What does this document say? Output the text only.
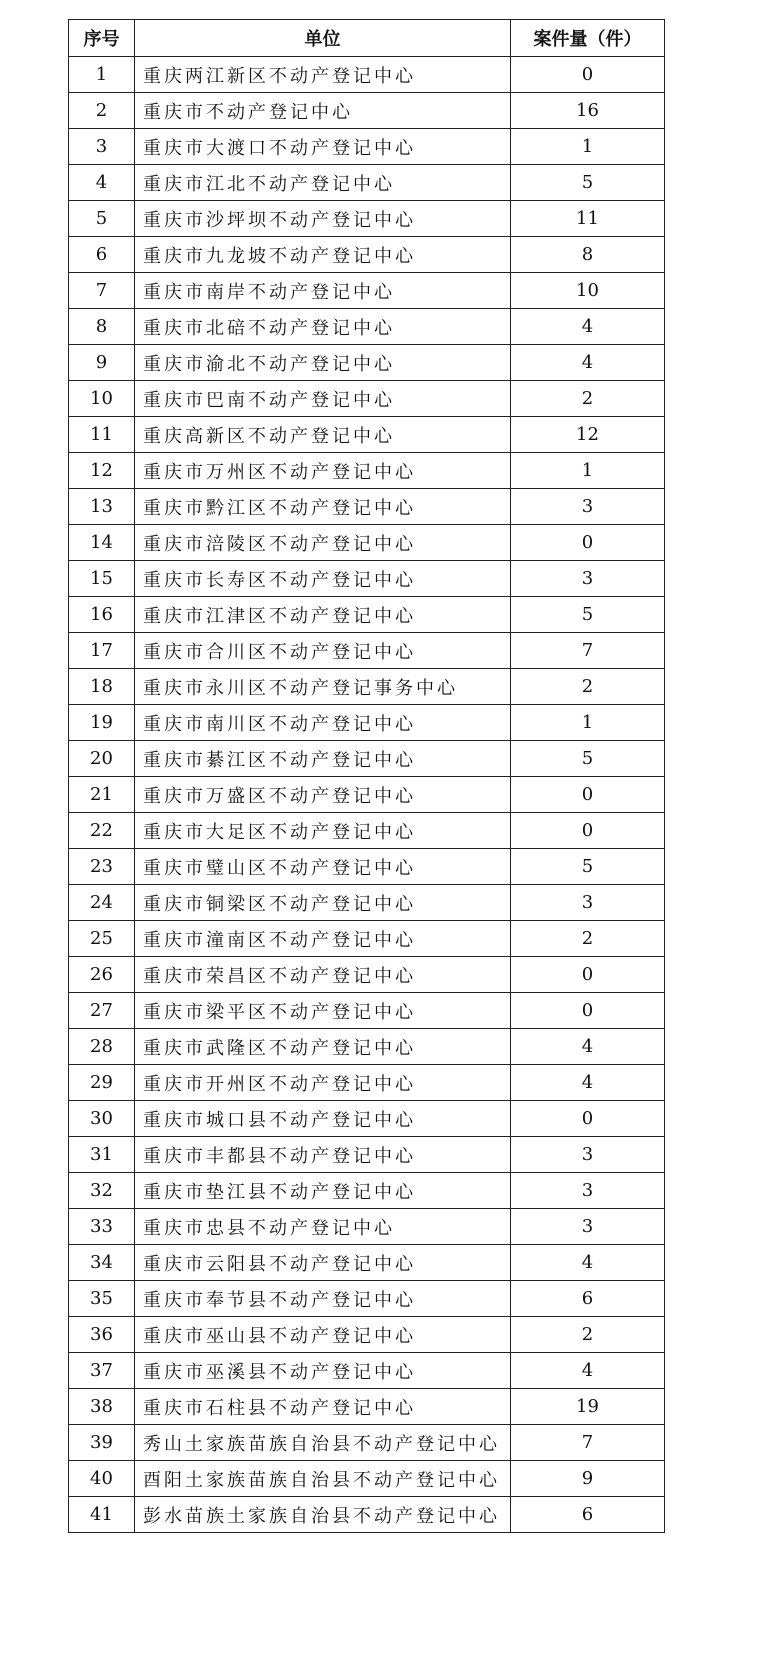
序号	单位	案件量（件）
1	重庆两江新区不动产登记中心	0
2	重庆市不动产登记中心	16
3	重庆市大渡口不动产登记中心	1
4	重庆市江北不动产登记中心	5
5	重庆市沙坪坝不动产登记中心	11
6	重庆市九龙坡不动产登记中心	8
7	重庆市南岸不动产登记中心	10
8	重庆市北碚不动产登记中心	4
9	重庆市渝北不动产登记中心	4
10	重庆市巴南不动产登记中心	2
11	重庆高新区不动产登记中心	12
12	重庆市万州区不动产登记中心	1
13	重庆市黔江区不动产登记中心	3
14	重庆市涪陵区不动产登记中心	0
15	重庆市长寿区不动产登记中心	3
16	重庆市江津区不动产登记中心	5
17	重庆市合川区不动产登记中心	7
18	重庆市永川区不动产登记事务中心	2
19	重庆市南川区不动产登记中心	1
20	重庆市綦江区不动产登记中心	5
21	重庆市万盛区不动产登记中心	0
22	重庆市大足区不动产登记中心	0
23	重庆市璧山区不动产登记中心	5
24	重庆市铜梁区不动产登记中心	3
25	重庆市潼南区不动产登记中心	2
26	重庆市荣昌区不动产登记中心	0
27	重庆市梁平区不动产登记中心	0
28	重庆市武隆区不动产登记中心	4
29	重庆市开州区不动产登记中心	4
30	重庆市城口县不动产登记中心	0
31	重庆市丰都县不动产登记中心	3
32	重庆市垫江县不动产登记中心	3
33	重庆市忠县不动产登记中心	3
34	重庆市云阳县不动产登记中心	4
35	重庆市奉节县不动产登记中心	6
36	重庆市巫山县不动产登记中心	2
37	重庆市巫溪县不动产登记中心	4
38	重庆市石柱县不动产登记中心	19
39	秀山土家族苗族自治县不动产登记中心	7
40	酉阳土家族苗族自治县不动产登记中心	9
41	彭水苗族土家族自治县不动产登记中心	6
